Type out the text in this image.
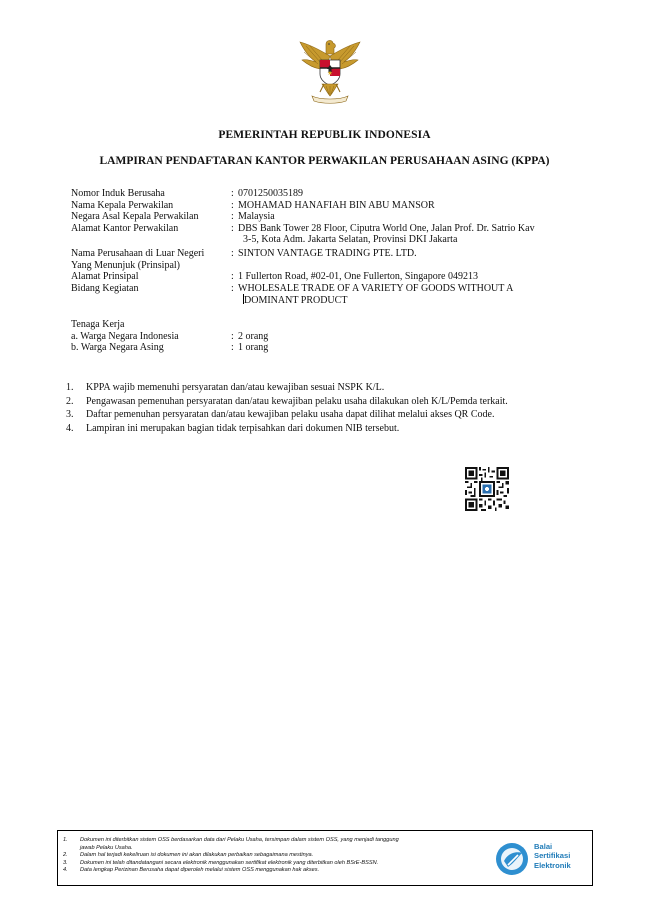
PEMERINTAH REPUBLIK INDONESIA
LAMPIRAN PENDAFTARAN KANTOR PERWAKILAN PERUSAHAAN ASING (KPPA)
Nomor Induk Berusaha	: 0701250035189
Nama Kepala Perwakilan	: MOHAMAD HANAFIAH BIN ABU MANSOR
Negara Asal Kepala Perwakilan	: Malaysia
Alamat Kantor Perwakilan	: DBS Bank Tower 28 Floor, Ciputra World One, Jalan Prof. Dr. Satrio Kav
3-5, Kota Adm. Jakarta Selatan, Provinsi DKI Jakarta
Nama Perusahaan di Luar Negeri
Yang Menunjuk (Prinsipal)
: SINTON VANTAGE TRADING PTE. LTD.
Alamat Prinsipal	: 1 Fullerton Road, #02-01, One Fullerton, Singapore 049213
Bidang Kegiatan	: WHOLESALE TRADE OF A VARIETY OF GOODS WITHOUT A
DOMINANT PRODUCT
Tenaga Kerja
a. Warga Negara Indonesia	: 2 orang
b. Warga Negara Asing	: 1 orang
1.	KPPA wajib memenuhi persyaratan dan/atau kewajiban sesuai NSPK K/L.
2.	Pengawasan pemenuhan persyaratan dan/atau kewajiban pelaku usaha dilakukan oleh K/L/Pemda terkait.
3.	Daftar pemenuhan persyaratan dan/atau kewajiban pelaku usaha dapat dilihat melalui akses QR Code.
4.	Lampiran ini merupakan bagian tidak terpisahkan dari dokumen NIB tersebut.
1.	Dokumen ini diterbitkan sistem OSS berdasarkan data dari Pelaku Usaha, tersimpan dalam sistem OSS, yang menjadi tanggung
jawab Pelaku Usaha.
2.	Dalam hal terjadi kekeliruan isi dokumen ini akan dilakukan perbaikan sebagaimana mestinya.
3.	Dokumen ini telah ditandatangani secara elektronik menggunakan sertifikat elektronik yang diterbitkan oleh BSrE-BSSN.
4.	Data lengkap Perizinan Berusaha dapat diperoleh melalui sistem OSS menggunakan hak akses.
Balai
Sertifikasi
Elektronik
